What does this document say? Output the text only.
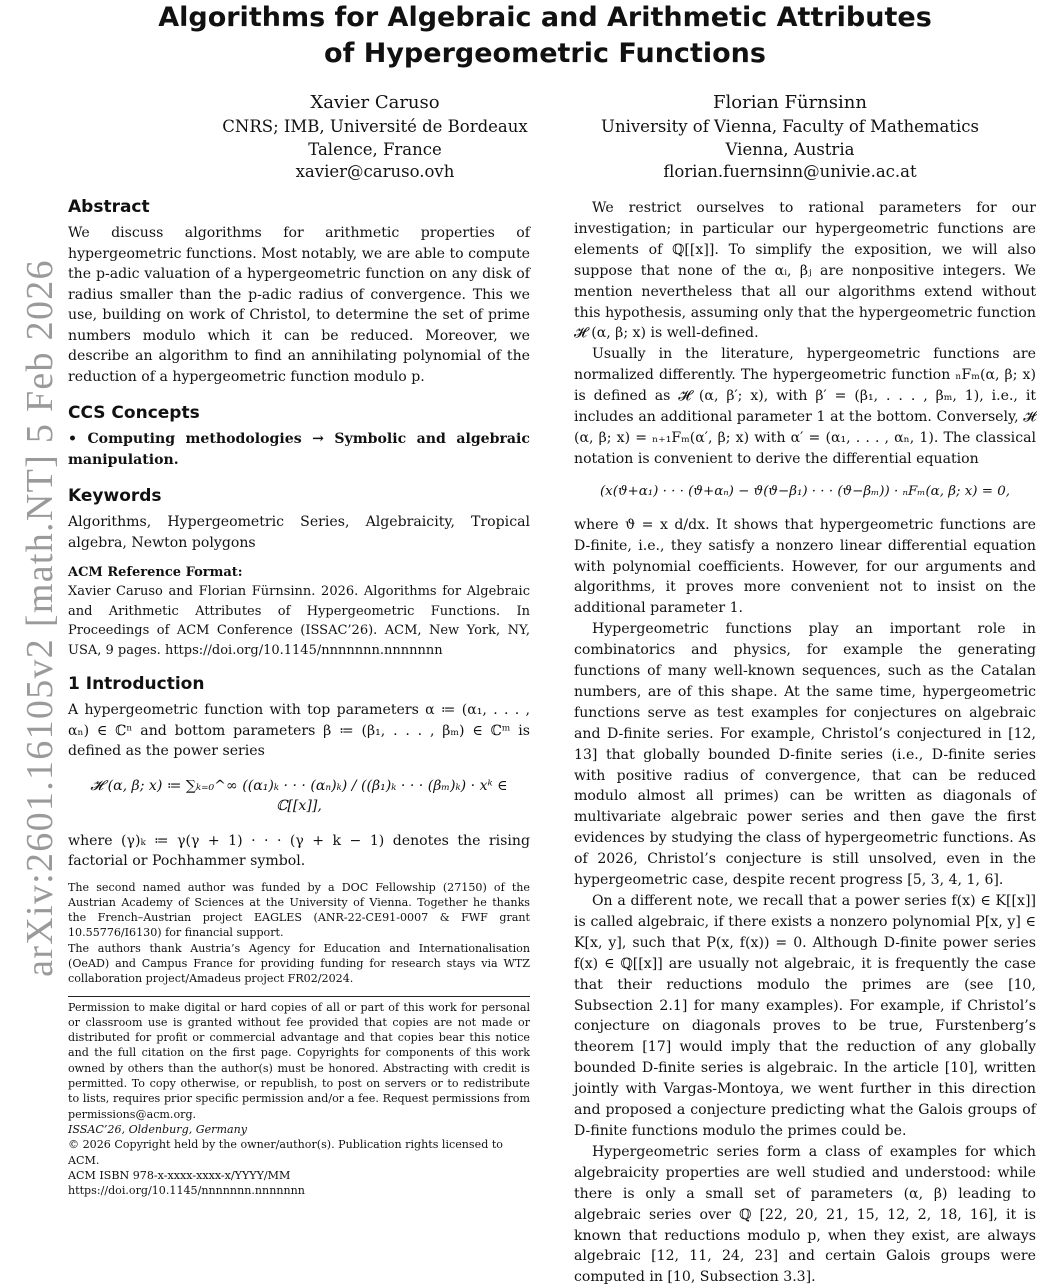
arXiv:2601.16105v2 [math.NT] 5 Feb 2026
Algorithms for Algebraic and Arithmetic Attributes
of Hypergeometric Functions
Xavier Caruso
CNRS; IMB, Université de Bordeaux
Talence, France
xavier@caruso.ovh
Florian Fürnsinn
University of Vienna, Faculty of Mathematics
Vienna, Austria
florian.fuernsinn@univie.ac.at
Abstract

We discuss algorithms for arithmetic properties of hypergeometric functions. Most notably, we are able to compute the p-adic valuation of a hypergeometric function on any disk of radius smaller than the p-adic radius of convergence. This we use, building on work of Christol, to determine the set of prime numbers modulo which it can be reduced. Moreover, we describe an algorithm to find an annihilating polynomial of the reduction of a hypergeometric function modulo p.

CCS Concepts

• Computing methodologies → Symbolic and algebraic manipulation.

Keywords

Algorithms, Hypergeometric Series, Algebraicity, Tropical algebra, Newton polygons

ACM Reference Format:

Xavier Caruso and Florian Fürnsinn. 2026. Algorithms for Algebraic and Arithmetic Attributes of Hypergeometric Functions. In Proceedings of ACM Conference (ISSAC’26). ACM, New York, NY, USA, 9 pages. https://doi.org/10.1145/nnnnnnn.nnnnnnn

1 Introduction

A hypergeometric function with top parameters α ≔ (α₁, . . . , αₙ) ∈ ℂⁿ and bottom parameters β ≔ (β₁, . . . , βₘ) ∈ ℂᵐ is defined as the power series

𝓗 (α, β; x) ≔ ∑ₖ₌₀^∞ ((α₁)ₖ · · · (αₙ)ₖ) / ((β₁)ₖ · · · (βₘ)ₖ) · xᵏ ∈ ℂ[[x]],

where (γ)ₖ ≔ γ(γ + 1) · · · (γ + k − 1) denotes the rising factorial or Pochhammer symbol.

The second named author was funded by a DOC Fellowship (27150) of the Austrian Academy of Sciences at the University of Vienna. Together he thanks the French–Austrian project EAGLES (ANR-22-CE91-0007 & FWF grant 10.55776/I6130) for financial support.

The authors thank Austria’s Agency for Education and Internationalisation (OeAD) and Campus France for providing funding for research stays via WTZ collaboration project/Amadeus project FR02/2024.

Permission to make digital or hard copies of all or part of this work for personal or classroom use is granted without fee provided that copies are not made or distributed for profit or commercial advantage and that copies bear this notice and the full citation on the first page. Copyrights for components of this work owned by others than the author(s) must be honored. Abstracting with credit is permitted. To copy otherwise, or republish, to post on servers or to redistribute to lists, requires prior specific permission and/or a fee. Request permissions from permissions@acm.org.

ISSAC’26, Oldenburg, Germany
© 2026 Copyright held by the owner/author(s). Publication rights licensed to ACM.
ACM ISBN 978-x-xxxx-xxxx-x/YYYY/MM
https://doi.org/10.1145/nnnnnnn.nnnnnnn

We restrict ourselves to rational parameters for our investigation; in particular our hypergeometric functions are elements of ℚ[[x]]. To simplify the exposition, we will also suppose that none of the αᵢ, βⱼ are nonpositive integers. We mention nevertheless that all our algorithms extend without this hypothesis, assuming only that the hypergeometric function 𝓗 (α, β; x) is well-defined.

Usually in the literature, hypergeometric functions are normalized differently. The hypergeometric function ₙFₘ(α, β; x) is defined as 𝓗 (α, β′; x), with β′ = (β₁, . . . , βₘ, 1), i.e., it includes an additional parameter 1 at the bottom. Conversely, 𝓗 (α, β; x) = ₙ₊₁Fₘ(α′, β; x) with α′ = (α₁, . . . , αₙ, 1). The classical notation is convenient to derive the differential equation

(x(ϑ+α₁) · · · (ϑ+αₙ) − ϑ(ϑ−β₁) · · · (ϑ−βₘ)) · ₙFₘ(α, β; x) = 0,

where ϑ = x d/dx. It shows that hypergeometric functions are D-finite, i.e., they satisfy a nonzero linear differential equation with polynomial coefficients. However, for our arguments and algorithms, it proves more convenient not to insist on the additional parameter 1.

Hypergeometric functions play an important role in combinatorics and physics, for example the generating functions of many well-known sequences, such as the Catalan numbers, are of this shape. At the same time, hypergeometric functions serve as test examples for conjectures on algebraic and D-finite series. For example, Christol’s conjectured in [12, 13] that globally bounded D-finite series (i.e., D-finite series with positive radius of convergence, that can be reduced modulo almost all primes) can be written as diagonals of multivariate algebraic power series and then gave the first evidences by studying the class of hypergeometric functions. As of 2026, Christol’s conjecture is still unsolved, even in the hypergeometric case, despite recent progress [5, 3, 4, 1, 6].

On a different note, we recall that a power series f(x) ∈ K[[x]] is called algebraic, if there exists a nonzero polynomial P[x, y] ∈ K[x, y], such that P(x, f(x)) = 0. Although D-finite power series f(x) ∈ ℚ[[x]] are usually not algebraic, it is frequently the case that their reductions modulo the primes are (see [10, Subsection 2.1] for many examples). For example, if Christol’s conjecture on diagonals proves to be true, Furstenberg’s theorem [17] would imply that the reduction of any globally bounded D-finite series is algebraic. In the article [10], written jointly with Vargas-Montoya, we went further in this direction and proposed a conjecture predicting what the Galois groups of D-finite functions modulo the primes could be.

Hypergeometric series form a class of examples for which algebraicity properties are well studied and understood: while there is only a small set of parameters (α, β) leading to algebraic series over ℚ [22, 20, 21, 15, 12, 2, 18, 16], it is known that reductions modulo p, when they exist, are always algebraic [12, 11, 24, 23] and certain Galois groups were computed in [10, Subsection 3.3].
